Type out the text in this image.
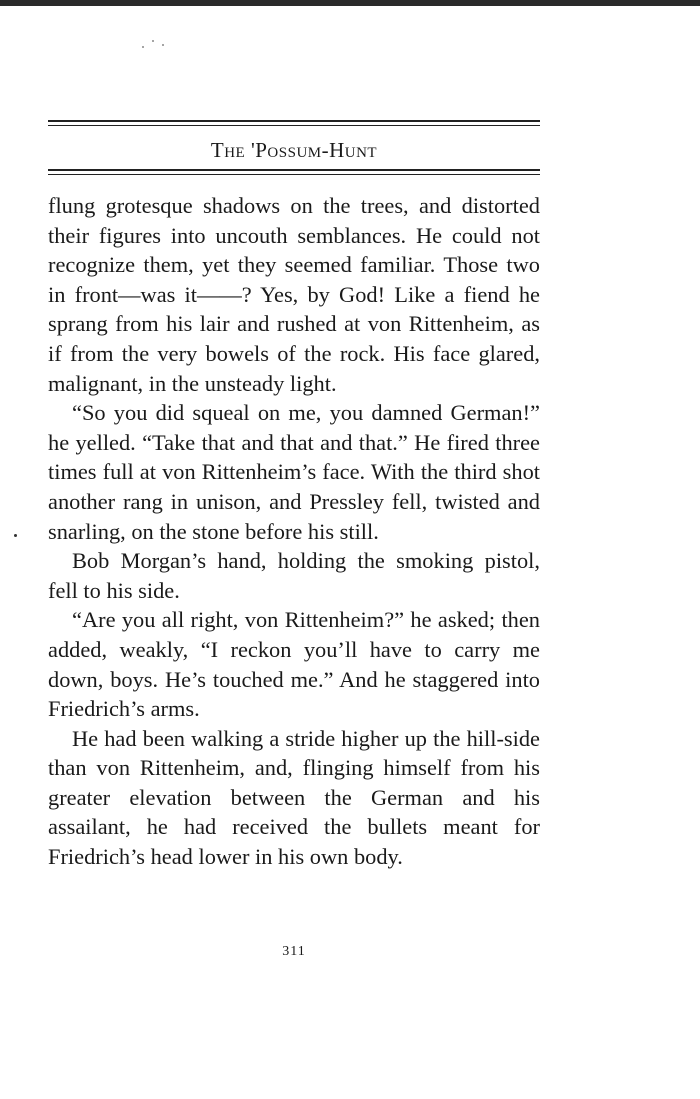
The 'Possum-Hunt

flung grotesque shadows on the trees, and distorted their figures into uncouth semblances. He could not recognize them, yet they seemed familiar. Those two in front—was it——? Yes, by God! Like a fiend he sprang from his lair and rushed at von Rittenheim, as if from the very bowels of the rock. His face glared, malignant, in the unsteady light.

“So you did squeal on me, you damned German!” he yelled. “Take that and that and that.” He fired three times full at von Rittenheim’s face. With the third shot another rang in unison, and Pressley fell, twisted and snarling, on the stone before his still.

Bob Morgan’s hand, holding the smoking pistol, fell to his side.

“Are you all right, von Rittenheim?” he asked; then added, weakly, “I reckon you’ll have to carry me down, boys. He’s touched me.” And he staggered into Friedrich’s arms.

He had been walking a stride higher up the hill-side than von Rittenheim, and, flinging himself from his greater elevation between the German and his assailant, he had received the bullets meant for Friedrich’s head lower in his own body.

311
